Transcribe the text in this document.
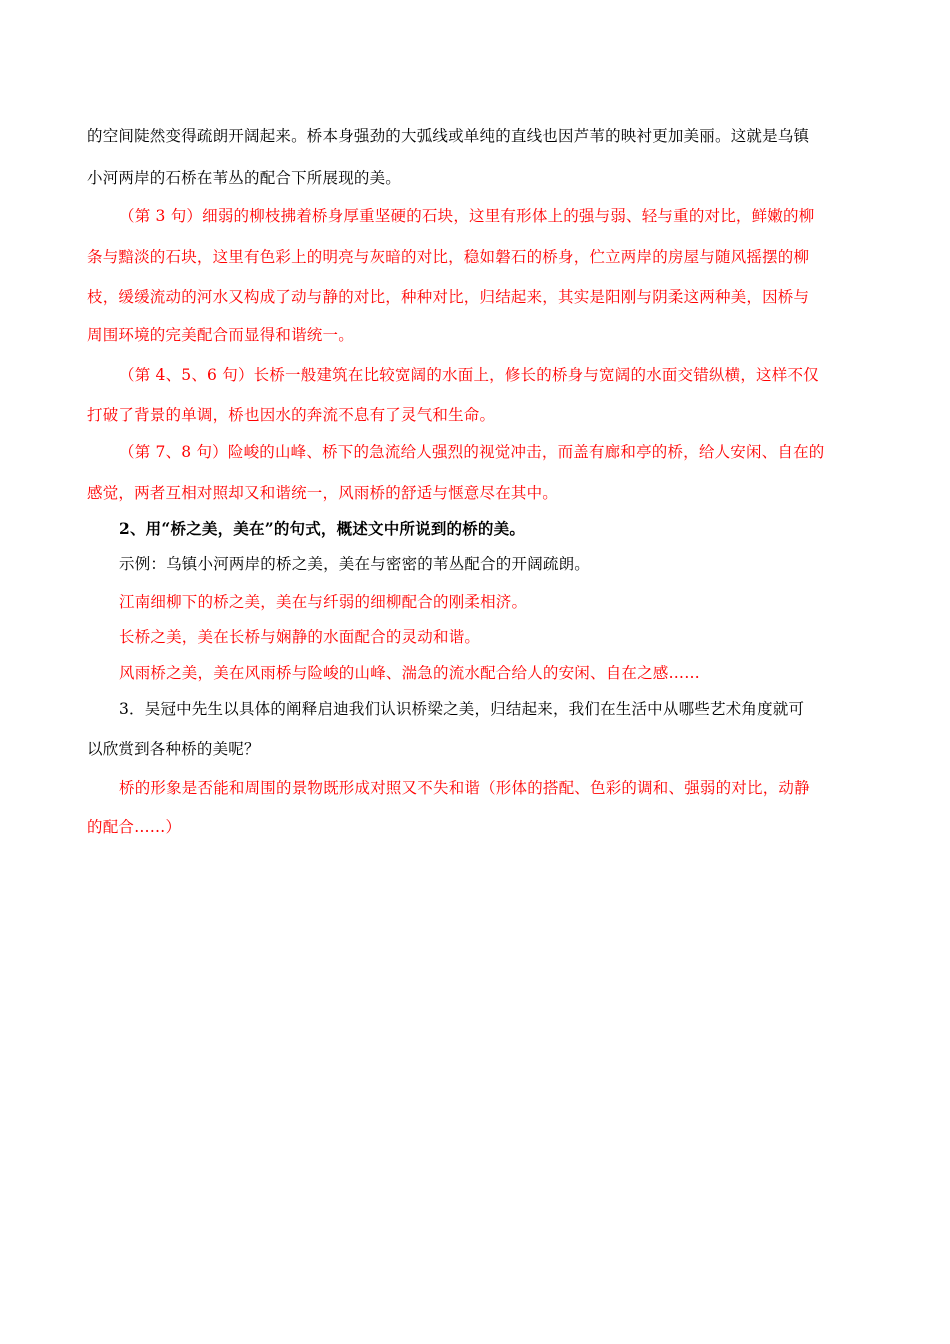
的空间陡然变得疏朗开阔起来。桥本身强劲的大弧线或单纯的直线也因芦苇的映衬更加美丽。这就是乌镇
小河两岸的石桥在苇丛的配合下所展现的美。
（第 3 句）细弱的柳枝拂着桥身厚重坚硬的石块，这里有形体上的强与弱、轻与重的对比，鲜嫩的柳
条与黯淡的石块，这里有色彩上的明亮与灰暗的对比，稳如磐石的桥身，伫立两岸的房屋与随风摇摆的柳
枝，缓缓流动的河水又构成了动与静的对比，种种对比，归结起来，其实是阳刚与阴柔这两种美，因桥与
周围环境的完美配合而显得和谐统一。
（第 4、5、6 句）长桥一般建筑在比较宽阔的水面上，修长的桥身与宽阔的水面交错纵横，这样不仅
打破了背景的单调，桥也因水的奔流不息有了灵气和生命。
（第 7、8 句）险峻的山峰、桥下的急流给人强烈的视觉冲击，而盖有廊和亭的桥，给人安闲、自在的
感觉，两者互相对照却又和谐统一，风雨桥的舒适与惬意尽在其中。
2、用“桥之美，美在”的句式，概述文中所说到的桥的美。
示例：乌镇小河两岸的桥之美，美在与密密的苇丛配合的开阔疏朗。
江南细柳下的桥之美，美在与纤弱的细柳配合的刚柔相济。
长桥之美，美在长桥与娴静的水面配合的灵动和谐。
风雨桥之美，美在风雨桥与险峻的山峰、湍急的流水配合给人的安闲、自在之感……
3．吴冠中先生以具体的阐释启迪我们认识桥梁之美，归结起来，我们在生活中从哪些艺术角度就可
以欣赏到各种桥的美呢？
桥的形象是否能和周围的景物既形成对照又不失和谐（形体的搭配、色彩的调和、强弱的对比，动静
的配合……）
